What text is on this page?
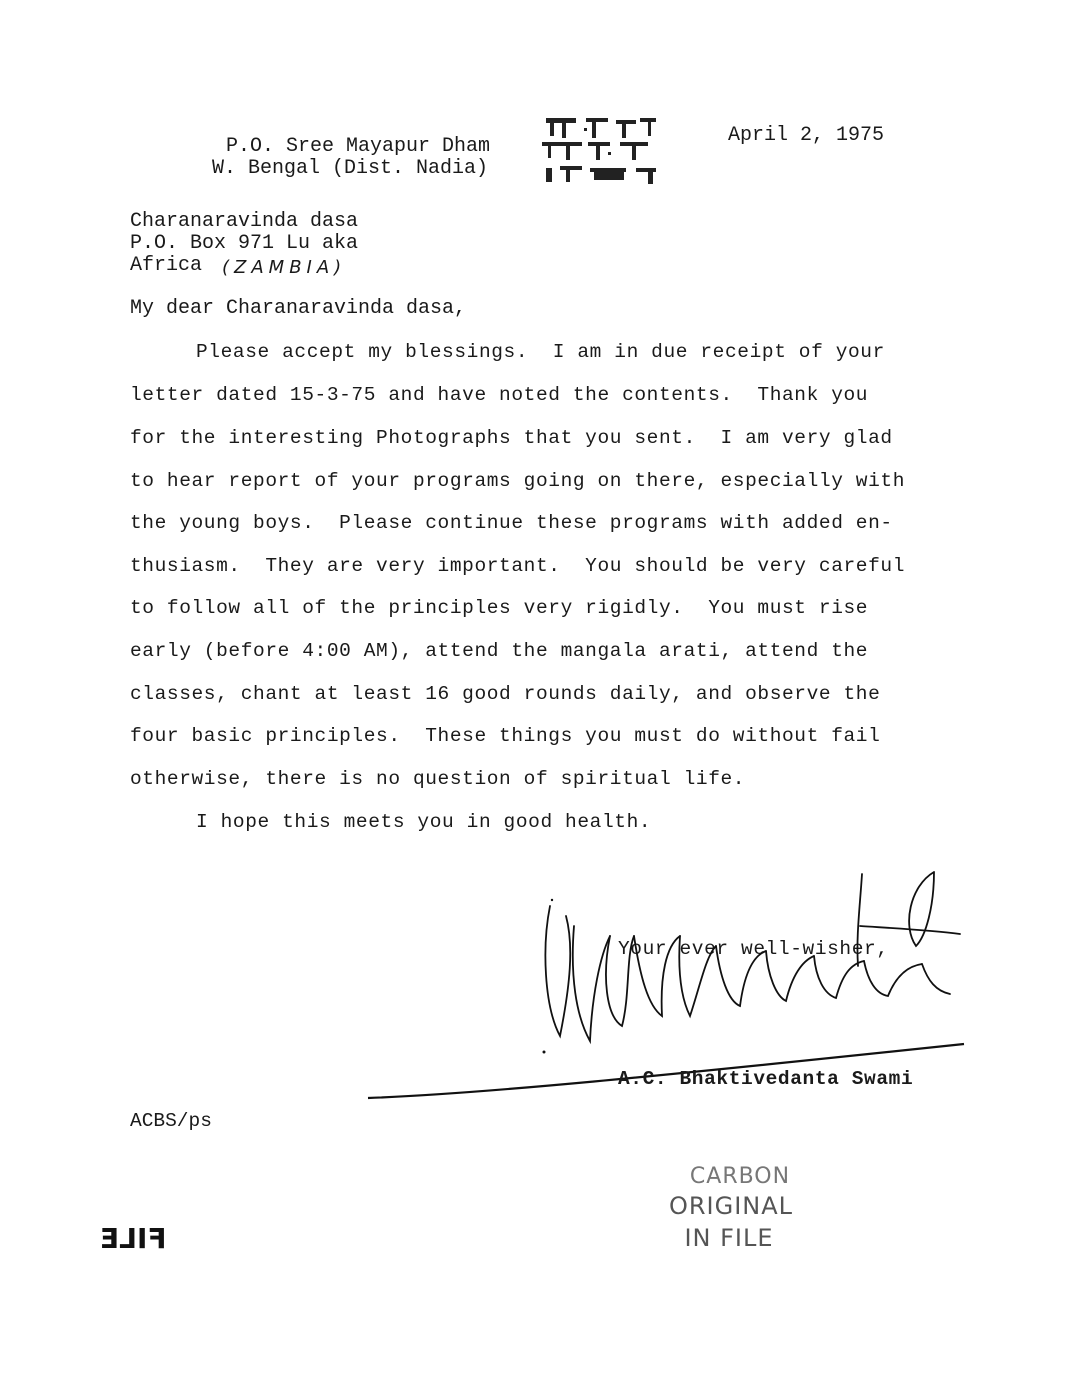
P.O. Sree Mayapur Dham
W. Bengal (Dist. Nadia)
April 2, 1975
Charanaravinda dasa
P.O. Box 971 Lu aka
Africa (ZAMBIA)
My dear Charanaravinda dasa,
Please accept my blessings.  I am in due receipt of your
letter dated 15-3-75 and have noted the contents.  Thank you
for the interesting Photographs that you sent.  I am very glad
to hear report of your programs going on there, especially with
the young boys.  Please continue these programs with added en-
thusiasm.  They are very important.  You should be very careful
to follow all of the principles very rigidly.  You must rise
early (before 4:00 AM), attend the mangala arati, attend the
classes, chant at least 16 good rounds daily, and observe the
four basic principles.  These things you must do without fail
otherwise, there is no question of spiritual life.
I hope this meets you in good health.
Your ever well-wisher,
A.C. Bhaktivedanta Swami
ACBS/ps
CARBON
ORIGINAL
IN FILE
FILE
